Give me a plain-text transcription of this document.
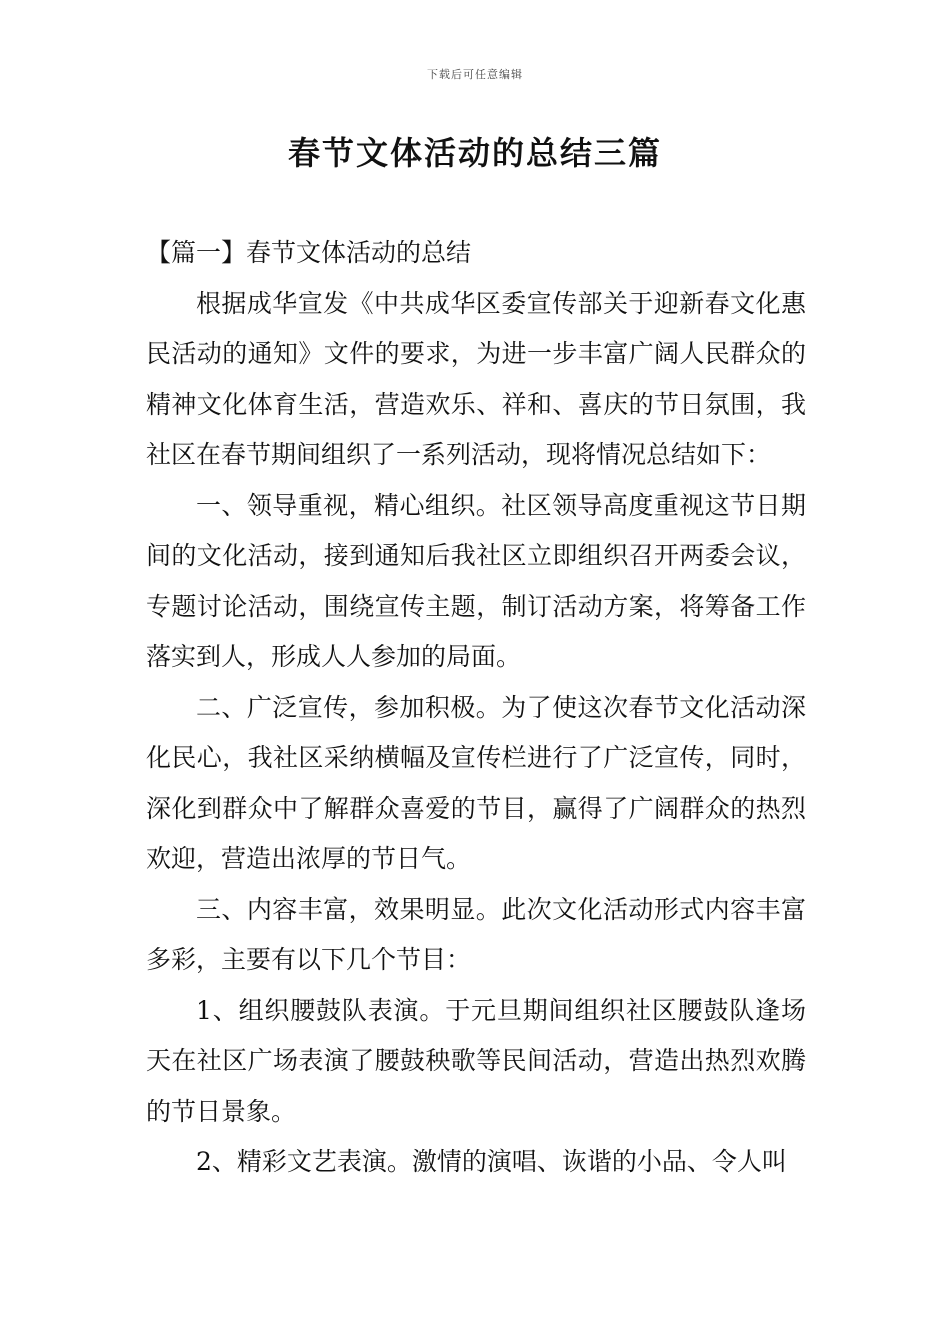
下载后可任意编辑
春节文体活动的总结三篇

【篇一】春节文体活动的总结

根据成华宣发《中共成华区委宣传部关于迎新春文化惠民活动的通知》文件的要求，为进一步丰富广阔人民群众的精神文化体育生活，营造欢乐、祥和、喜庆的节日氛围，我社区在春节期间组织了一系列活动，现将情况总结如下：

一、领导重视，精心组织。社区领导高度重视这节日期间的文化活动，接到通知后我社区立即组织召开两委会议，专题讨论活动，围绕宣传主题，制订活动方案，将筹备工作落实到人，形成人人参加的局面。

二、广泛宣传，参加积极。为了使这次春节文化活动深化民心，我社区采纳横幅及宣传栏进行了广泛宣传，同时，深化到群众中了解群众喜爱的节目，赢得了广阔群众的热烈欢迎，营造出浓厚的节日气。

三、内容丰富，效果明显。此次文化活动形式内容丰富多彩，主要有以下几个节目：

1、组织腰鼓队表演。于元旦期间组织社区腰鼓队逢场天在社区广场表演了腰鼓秧歌等民间活动，营造出热烈欢腾的节日景象。

2、精彩文艺表演。激情的演唱、诙谐的小品、令人叫
